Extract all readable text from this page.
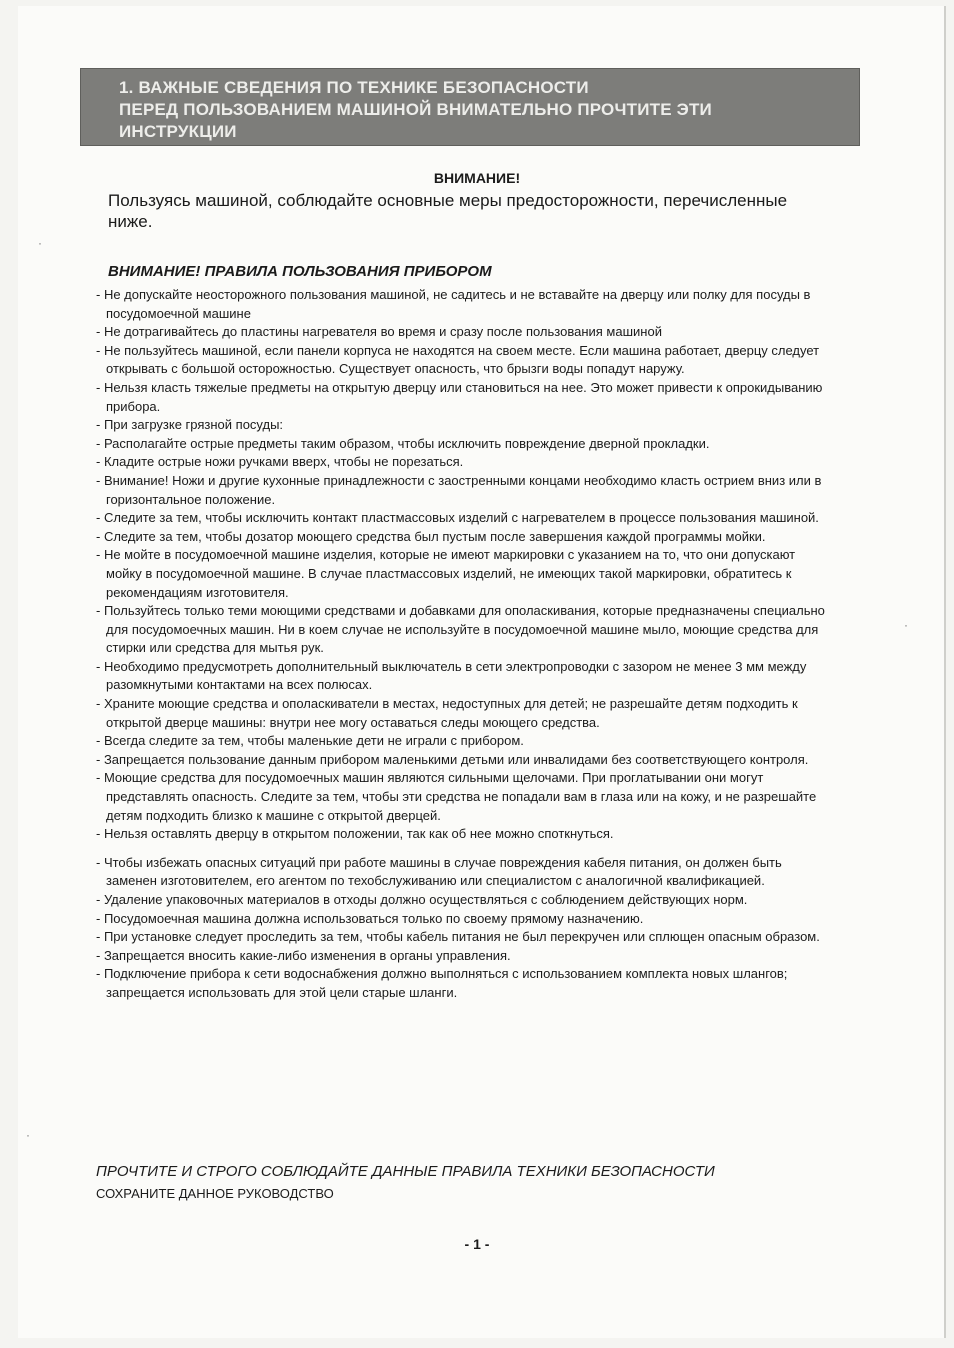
1. ВАЖНЫЕ СВЕДЕНИЯ ПО ТЕХНИКЕ БЕЗОПАСНОСТИ
ПЕРЕД ПОЛЬЗОВАНИЕМ МАШИНОЙ ВНИМАТЕЛЬНО ПРОЧТИТЕ ЭТИ
ИНСТРУКЦИИ
ВНИМАНИЕ!
Пользуясь машиной, соблюдайте основные меры предосторожности, перечисленные ниже.
ВНИМАНИЕ! ПРАВИЛА ПОЛЬЗОВАНИЯ ПРИБОРОМ
- Не допускайте неосторожного пользования машиной, не садитесь и не вставайте на дверцу или полку для посуды в посудомоечной машине
- Не дотрагивайтесь до пластины нагревателя во время и сразу после пользования машиной
- Не пользуйтесь машиной, если панели корпуса не находятся на своем месте. Если машина работает, дверцу следует открывать с большой осторожностью. Существует опасность, что брызги воды попадут наружу.
- Нельзя класть тяжелые предметы на открытую дверцу или становиться на нее. Это может привести к опрокидыванию прибора.
- При загрузке грязной посуды:
- Располагайте острые предметы таким образом, чтобы исключить повреждение дверной прокладки.
- Кладите острые ножи ручками вверх, чтобы не порезаться.
- Внимание! Ножи и другие кухонные принадлежности с заостренными концами необходимо класть острием вниз или в горизонтальное положение.
- Следите за тем, чтобы исключить контакт пластмассовых изделий с нагревателем в процессе пользования машиной.
- Следите за тем, чтобы дозатор моющего средства был пустым после завершения каждой программы мойки.
- Не мойте в посудомоечной машине изделия, которые не имеют маркировки с указанием на то, что они допускают мойку в посудомоечной машине. В случае пластмассовых изделий, не имеющих такой маркировки, обратитесь к рекомендациям изготовителя.
- Пользуйтесь только теми моющими средствами и добавками для ополаскивания, которые предназначены специально для посудомоечных машин. Ни в коем случае не используйте в посудомоечной машине мыло, моющие средства для стирки или средства для мытья рук.
- Необходимо предусмотреть дополнительный выключатель в сети электропроводки с зазором не менее 3 мм между разомкнутыми контактами на всех полюсах.
- Храните моющие средства и ополаскиватели в местах, недоступных для детей; не разрешайте детям подходить к открытой дверце машины: внутри нее могу оставаться следы моющего средства.
- Всегда следите за тем, чтобы маленькие дети не играли с прибором.
- Запрещается пользование данным прибором маленькими детьми или инвалидами без соответствующего контроля.
- Моющие средства для посудомоечных машин являются сильными щелочами. При проглатывании они могут представлять опасность. Следите за тем, чтобы эти средства не попадали вам в глаза или на кожу, и не разрешайте детям подходить близко к машине с открытой дверцей.
- Нельзя оставлять дверцу в открытом положении, так как об нее можно споткнуться.
- Чтобы избежать опасных ситуаций при работе машины в случае повреждения кабеля питания, он должен быть заменен изготовителем, его агентом по техобслуживанию или специалистом с аналогичной квалификацией.
- Удаление упаковочных материалов в отходы должно осуществляться с соблюдением действующих норм.
- Посудомоечная машина должна использоваться только по своему прямому назначению.
- При установке следует проследить за тем, чтобы кабель питания не был перекручен или сплющен опасным образом.
- Запрещается вносить какие-либо изменения в органы управления.
- Подключение прибора к сети водоснабжения должно выполняться с использованием комплекта новых шлангов; запрещается использовать для этой цели старые шланги.
ПРОЧТИТЕ И СТРОГО СОБЛЮДАЙТЕ ДАННЫЕ ПРАВИЛА ТЕХНИКИ БЕЗОПАСНОСТИ
СОХРАНИТЕ ДАННОЕ РУКОВОДСТВО
- 1 -
·
·
·
